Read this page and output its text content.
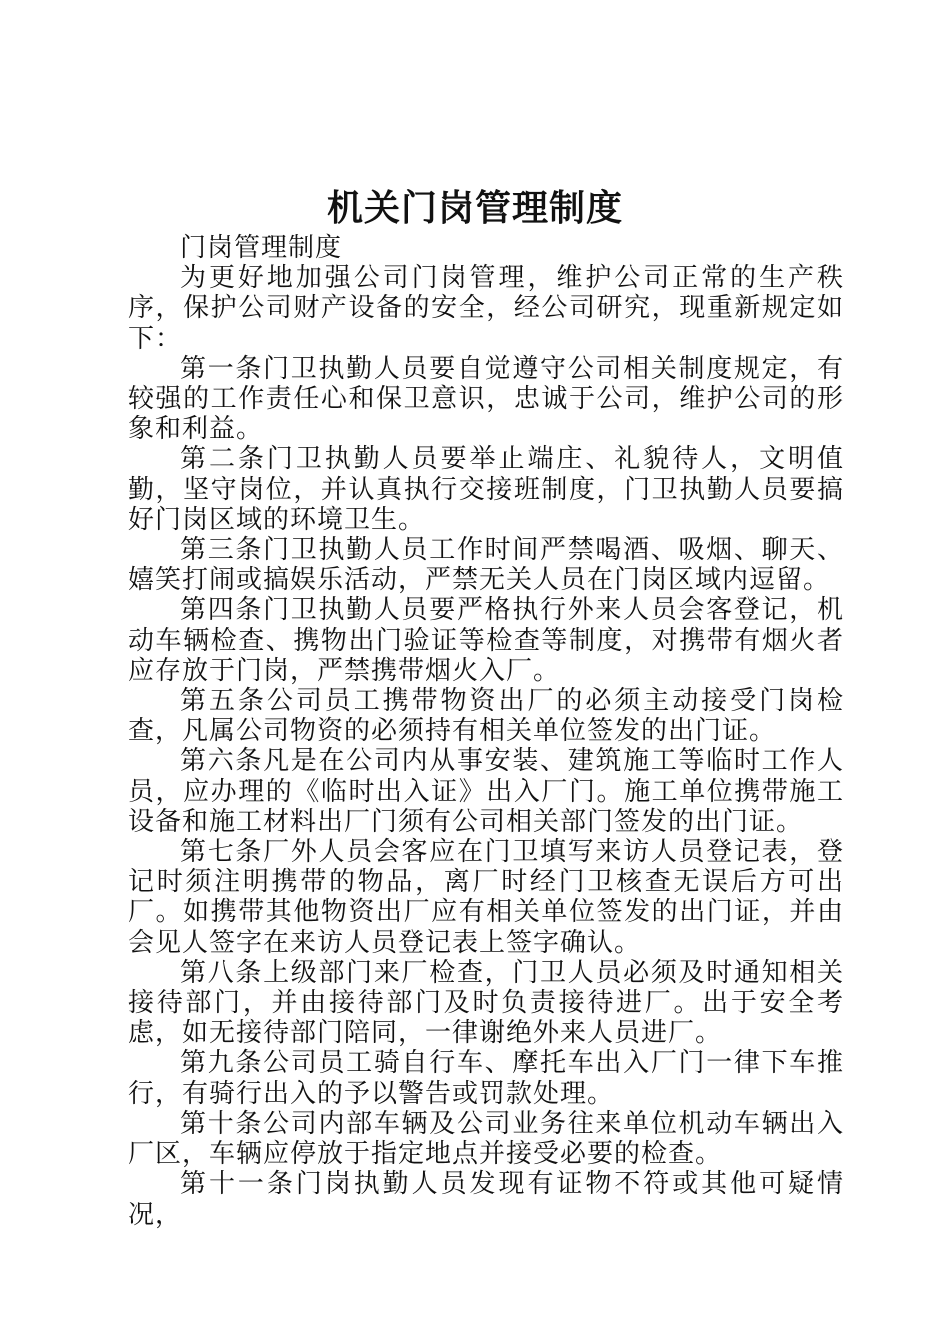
机关门岗管理制度

门岗管理制度

为更好地加强公司门岗管理，维护公司正常的生产秩序，保护公司财产设备的安全，经公司研究，现重新规定如下：

第一条门卫执勤人员要自觉遵守公司相关制度规定，有较强的工作责任心和保卫意识，忠诚于公司，维护公司的形象和利益。

第二条门卫执勤人员要举止端庄、礼貌待人，文明值勤，坚守岗位，并认真执行交接班制度，门卫执勤人员要搞好门岗区域的环境卫生。

第三条门卫执勤人员工作时间严禁喝酒、吸烟、聊天、嬉笑打闹或搞娱乐活动，严禁无关人员在门岗区域内逗留。

第四条门卫执勤人员要严格执行外来人员会客登记，机动车辆检查、携物出门验证等检查等制度，对携带有烟火者应存放于门岗，严禁携带烟火入厂。

第五条公司员工携带物资出厂的必须主动接受门岗检查，凡属公司物资的必须持有相关单位签发的出门证。

第六条凡是在公司内从事安装、建筑施工等临时工作人员，应办理的《临时出入证》出入厂门。施工单位携带施工设备和施工材料出厂门须有公司相关部门签发的出门证。

第七条厂外人员会客应在门卫填写来访人员登记表，登记时须注明携带的物品，离厂时经门卫核查无误后方可出厂。如携带其他物资出厂应有相关单位签发的出门证，并由会见人签字在来访人员登记表上签字确认。

第八条上级部门来厂检查，门卫人员必须及时通知相关接待部门，并由接待部门及时负责接待进厂。出于安全考虑，如无接待部门陪同，一律谢绝外来人员进厂。

第九条公司员工骑自行车、摩托车出入厂门一律下车推行，有骑行出入的予以警告或罚款处理。

第十条公司内部车辆及公司业务往来单位机动车辆出入厂区，车辆应停放于指定地点并接受必要的检查。

第十一条门岗执勤人员发现有证物不符或其他可疑情况，
